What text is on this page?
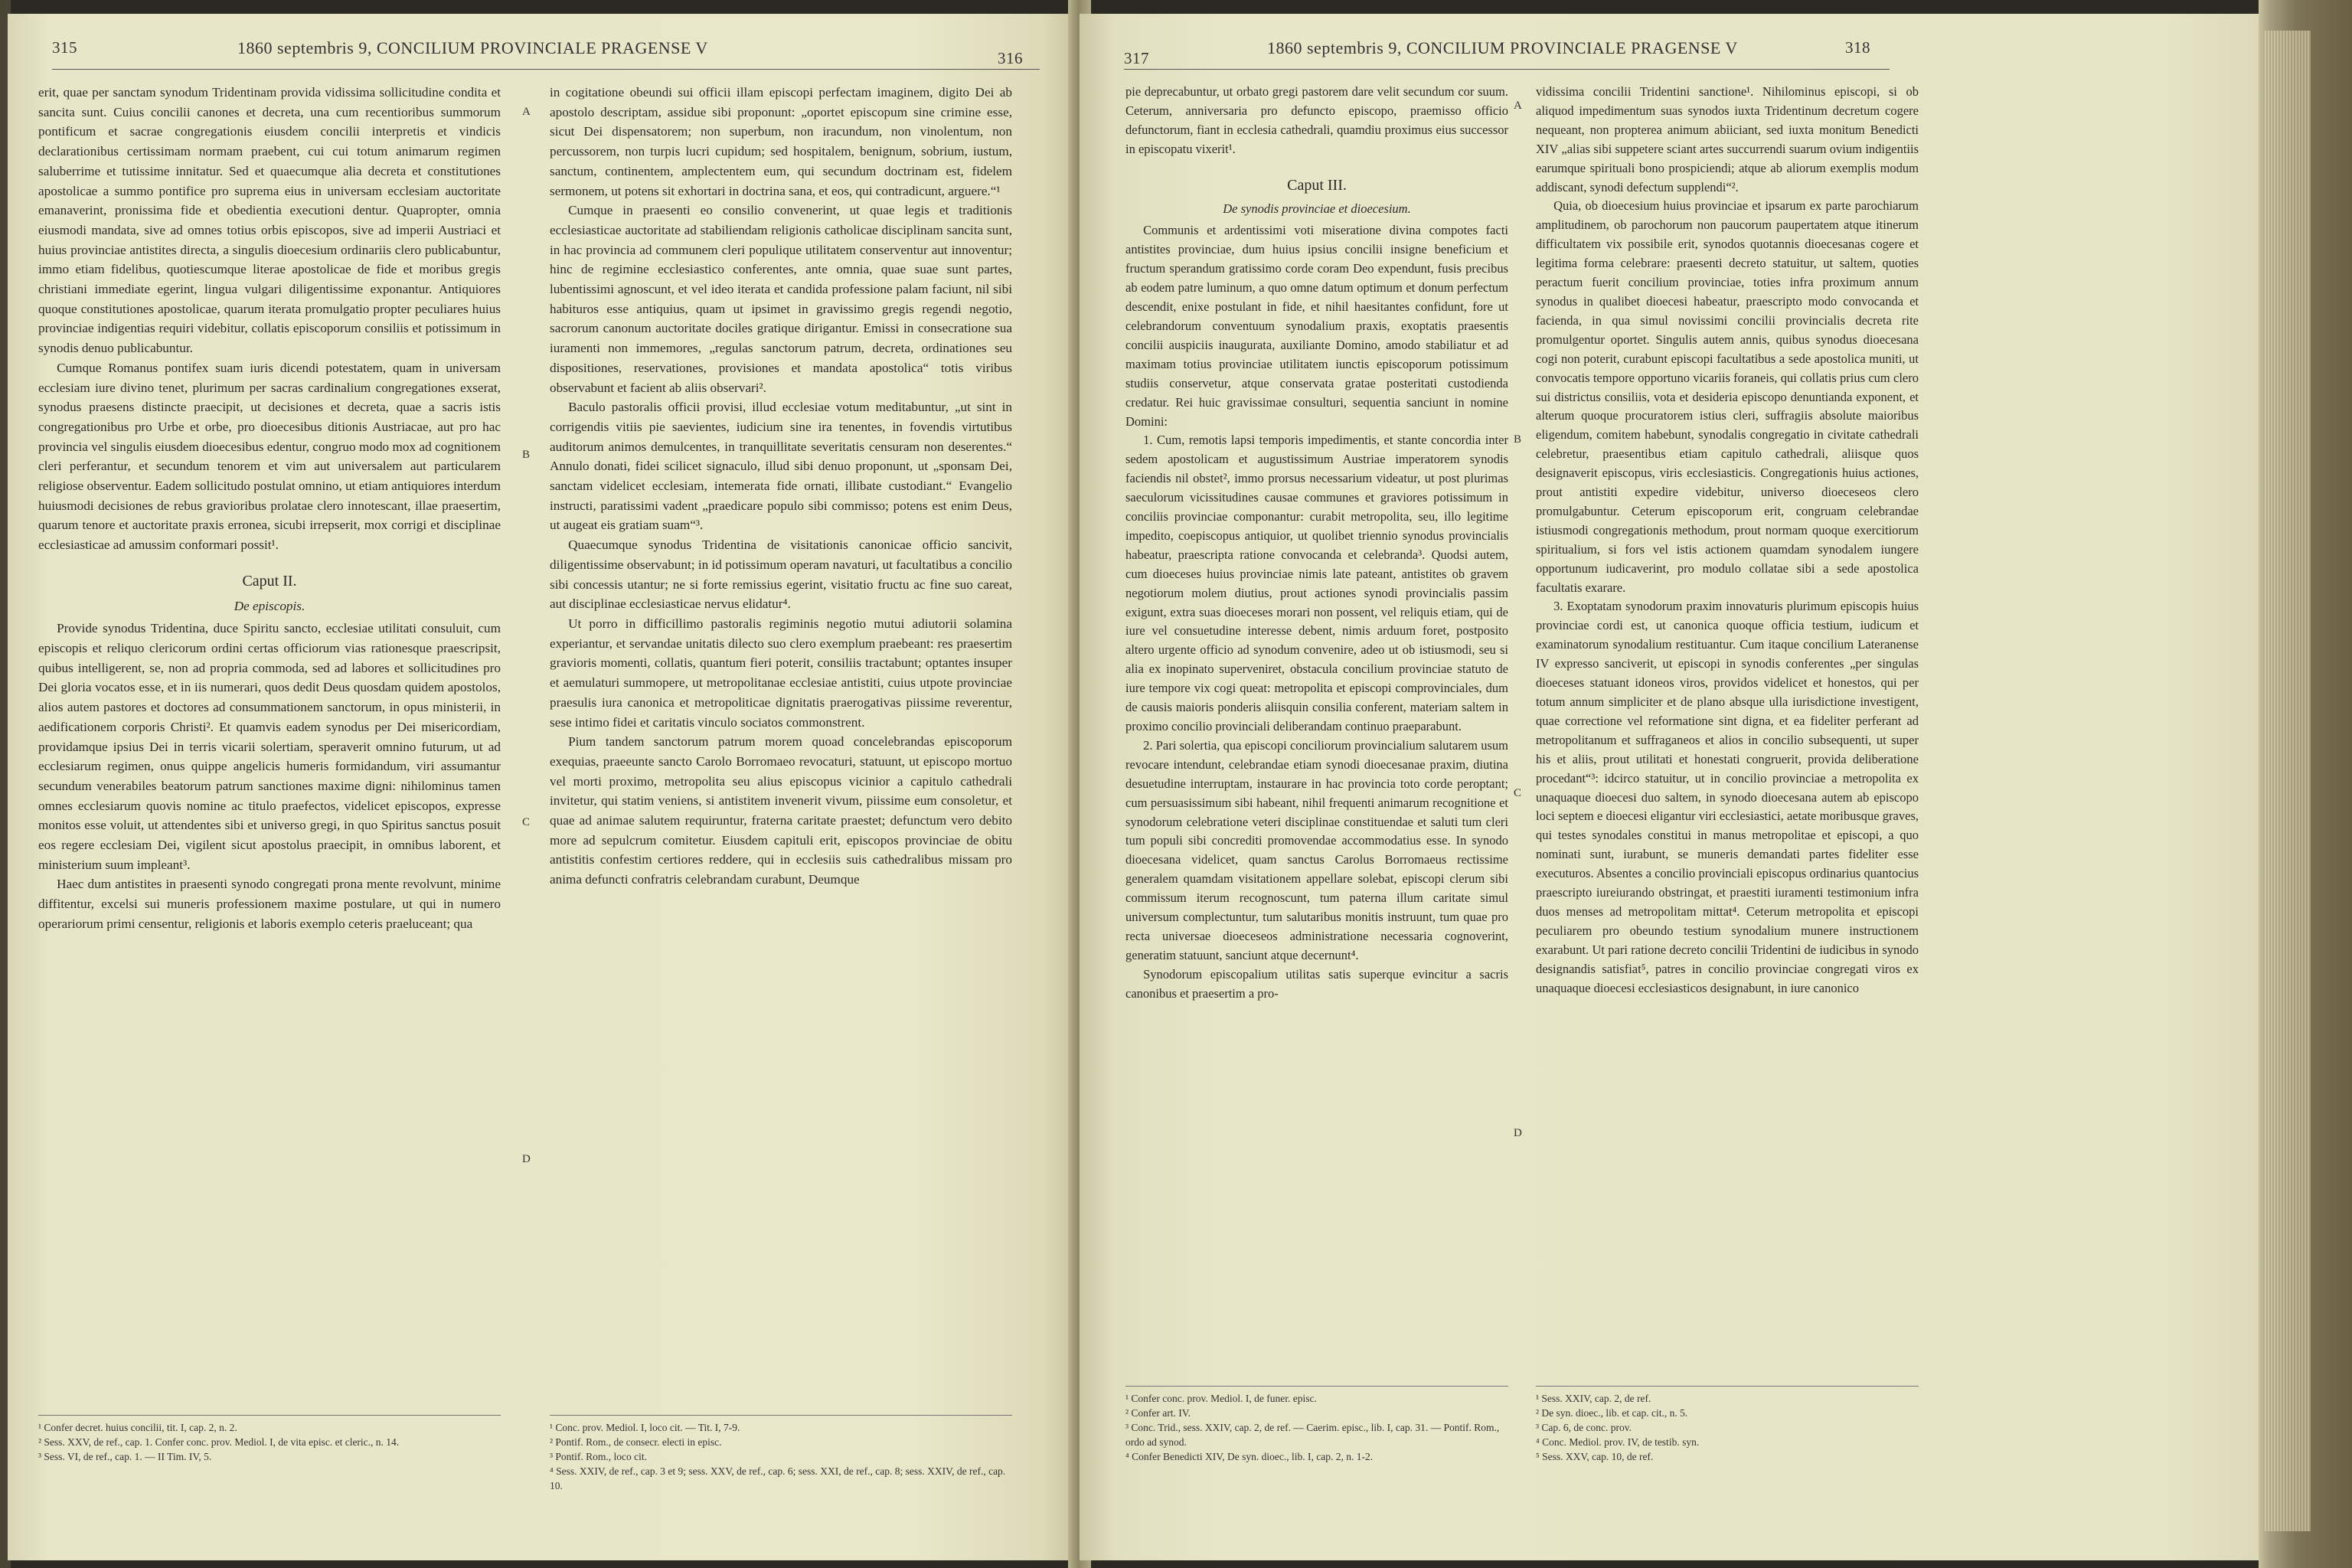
315	1860 septembris 9, CONCILIUM PROVINCIALE PRAGENSE V
316

erit, quae per sanctam synodum Tridentinam provida vidissima sollicitudine condita et sancita sunt. Cuius concilii canones et decreta, una cum recentioribus summorum pontificum et sacrae congregationis eiusdem concilii interpretis et vindicis declarationibus certissimam normam praebent, cui cui totum animarum regimen saluberrime et tutissime innitatur. Sed et quaecumque alia decreta et constitutiones apostolicae a summo pontifice pro suprema eius in universam ecclesiam auctoritate emanaverint, pronissima fide et obedientia executioni dentur. Quapropter, omnia eiusmodi mandata, sive ad omnes totius orbis episcopos, sive ad imperii Austriaci et huius provinciae antistites directa, a singulis dioecesium ordinariis clero publicabuntur, immo etiam fidelibus, quotiescumque literae apostolicae de fide et moribus gregis christiani immediate egerint, lingua vulgari diligentissime exponantur. Antiquiores quoque constitutiones apostolicae, quarum iterata promulgatio propter peculiares huius provinciae indigentias requiri videbitur, collatis episcoporum consiliis et potissimum in synodis denuo publicabuntur.

Cumque Romanus pontifex suam iuris dicendi potestatem, quam in universam ecclesiam iure divino tenet, plurimum per sacras cardinalium congregationes exserat, synodus praesens distincte praecipit, ut decisiones et decreta, quae a sacris istis congregationibus pro Urbe et orbe, pro dioecesibus ditionis Austriacae, aut pro hac provincia vel singulis eiusdem dioecesibus edentur, congruo modo mox ad cognitionem cleri perferantur, et secundum tenorem et vim aut universalem aut particularem religiose observentur. Eadem sollicitudo postulat omnino, ut etiam antiquiores interdum huiusmodi decisiones de rebus gravioribus prolatae clero innotescant, illae praesertim, quarum tenore et auctoritate praxis erronea, sicubi irrepserit, mox corrigi et disciplinae ecclesiasticae ad amussim conformari possit¹.

Caput II.

De episcopis.

Provide synodus Tridentina, duce Spiritu sancto, ecclesiae utilitati consuluit, cum episcopis et reliquo clericorum ordini certas officiorum vias rationesque praescripsit, quibus intelligerent, se, non ad propria commoda, sed ad labores et sollicitudines pro Dei gloria vocatos esse, et in iis numerari, quos dedit Deus quosdam quidem apostolos, alios autem pastores et doctores ad consummationem sanctorum, in opus ministerii, in aedificationem corporis Christi². Et quamvis eadem synodus per Dei misericordiam, providamque ipsius Dei in terris vicarii solertiam, speraverit omnino futurum, ut ad ecclesiarum regimen, onus quippe angelicis humeris formidandum, viri assumantur secundum venerabiles beatorum patrum sanctiones maxime digni: nihilominus tamen omnes ecclesiarum quovis nomine ac titulo praefectos, videlicet episcopos, expresse monitos esse voluit, ut attendentes sibi et universo gregi, in quo Spiritus sanctus posuit eos regere ecclesiam Dei, vigilent sicut apostolus praecipit, in omnibus laborent, et ministerium suum impleant³.

Haec dum antistites in praesenti synodo congregati prona mente revolvunt, minime diffitentur, excelsi sui muneris professionem maxime postulare, ut qui in numero operariorum primi censentur, religionis et laboris exemplo ceteris praeluceant; qua

¹ Confer decret. huius concilii, tit. I, cap. 2, n. 2.
² Sess. XXV, de ref., cap. 1. Confer conc. prov. Mediol. I, de vita episc. et cleric., n. 14.
³ Sess. VI, de ref., cap. 1. — II Tim. IV, 5.

in cogitatione obeundi sui officii illam episcopi perfectam imaginem, digito Dei ab apostolo descriptam, assidue sibi proponunt: „oportet episcopum sine crimine esse, sicut Dei dispensatorem; non superbum, non iracundum, non vinolentum, non percussorem, non turpis lucri cupidum; sed hospitalem, benignum, sobrium, iustum, sanctum, continentem, amplectentem eum, qui secundum doctrinam est, fidelem sermonem, ut potens sit exhortari in doctrina sana, et eos, qui contradicunt, arguere.“¹

Cumque in praesenti eo consilio convenerint, ut quae legis et traditionis ecclesiasticae auctoritate ad stabiliendam religionis catholicae disciplinam sancita sunt, in hac provincia ad communem cleri populique utilitatem conserventur aut innoventur; hinc de regimine ecclesiastico conferentes, ante omnia, quae suae sunt partes, lubentissimi agnoscunt, et vel ideo iterata et candida professione palam faciunt, nil sibi habituros esse antiquius, quam ut ipsimet in gravissimo gregis regendi negotio, sacrorum canonum auctoritate dociles gratique dirigantur. Emissi in consecratione sua iuramenti non immemores, „regulas sanctorum patrum, decreta, ordinationes seu dispositiones, reservationes, provisiones et mandata apostolica“ totis viribus observabunt et facient ab aliis observari².

Baculo pastoralis officii provisi, illud ecclesiae votum meditabuntur, „ut sint in corrigendis vitiis pie saevientes, iudicium sine ira tenentes, in fovendis virtutibus auditorum animos demulcentes, in tranquillitate severitatis censuram non deserentes.“ Annulo donati, fidei scilicet signaculo, illud sibi denuo proponunt, ut „sponsam Dei, sanctam videlicet ecclesiam, intemerata fide ornati, illibate custodiant.“ Evangelio instructi, paratissimi vadent „praedicare populo sibi commisso; potens est enim Deus, ut augeat eis gratiam suam“³.

Quaecumque synodus Tridentina de visitationis canonicae officio sancivit, diligentissime observabunt; in id potissimum operam navaturi, ut facultatibus a concilio sibi concessis utantur; ne si forte remissius egerint, visitatio fructu ac fine suo careat, aut disciplinae ecclesiasticae nervus elidatur⁴.

Ut porro in difficillimo pastoralis regiminis negotio mutui adiutorii solamina experiantur, et servandae unitatis dilecto suo clero exemplum praebeant: res praesertim gravioris momenti, collatis, quantum fieri poterit, consiliis tractabunt; optantes insuper et aemulaturi summopere, ut metropolitanae ecclesiae antistiti, cuius utpote provinciae praesulis iura canonica et metropoliticae dignitatis praerogativas piissime reverentur, sese intimo fidei et caritatis vinculo sociatos commonstrent.

Pium tandem sanctorum patrum morem quoad concelebrandas episcoporum exequias, praeeunte sancto Carolo Borromaeo revocaturi, statuunt, ut episcopo mortuo vel morti proximo, metropolita seu alius episcopus vicinior a capitulo cathedrali invitetur, qui statim veniens, si antistitem invenerit vivum, piissime eum consoletur, et quae ad animae salutem requiruntur, fraterna caritate praestet; defunctum vero debito more ad sepulcrum comitetur. Eiusdem capituli erit, episcopos provinciae de obitu antistitis confestim certiores reddere, qui in ecclesiis suis cathedralibus missam pro anima defuncti confratris celebrandam curabunt, Deumque

¹ Conc. prov. Mediol. I, loco cit. — Tit. I, 7-9.
² Pontif. Rom., de consecr. electi in episc.
³ Pontif. Rom., loco cit.
⁴ Sess. XXIV, de ref., cap. 3 et 9; sess. XXV, de ref., cap. 6; sess. XXI, de ref., cap. 8; sess. XXIV, de ref., cap. 10.
A
B
C
D
317
1860 septembris 9, CONCILIUM PROVINCIALE PRAGENSE V	318

pie deprecabuntur, ut orbato gregi pastorem dare velit secundum cor suum. Ceterum, anniversaria pro defuncto episcopo, praemisso officio defunctorum, fiant in ecclesia cathedrali, quamdiu proximus eius successor in episcopatu vixerit¹.

Caput III.

De synodis provinciae et dioecesium.

Communis et ardentissimi voti miseratione divina compotes facti antistites provinciae, dum huius ipsius concilii insigne beneficium et fructum sperandum gratissimo corde coram Deo expendunt, fusis precibus ab eodem patre luminum, a quo omne datum optimum et donum perfectum descendit, enixe postulant in fide, et nihil haesitantes confidunt, fore ut celebrandorum conventuum synodalium praxis, exoptatis praesentis concilii auspiciis inaugurata, auxiliante Domino, amodo stabiliatur et ad maximam totius provinciae utilitatem iunctis episcoporum potissimum studiis conservetur, atque conservata gratae posteritati custodienda credatur. Rei huic gravissimae consulturi, sequentia sanciunt in nomine Domini:

1. Cum, remotis lapsi temporis impedimentis, et stante concordia inter sedem apostolicam et augustissimum Austriae imperatorem synodis faciendis nil obstet², immo prorsus necessarium videatur, ut post plurimas saeculorum vicissitudines causae communes et graviores potissimum in conciliis provinciae componantur: curabit metropolita, seu, illo legitime impedito, coepiscopus antiquior, ut quolibet triennio synodus provincialis habeatur, praescripta ratione convocanda et celebranda³. Quodsi autem, cum dioeceses huius provinciae nimis late pateant, antistites ob gravem negotiorum molem diutius, prout actiones synodi provincialis passim exigunt, extra suas dioeceses morari non possent, vel reliquis etiam, qui de iure vel consuetudine interesse debent, nimis arduum foret, postposito altero urgente officio ad synodum convenire, adeo ut ob istiusmodi, seu si alia ex inopinato superveniret, obstacula concilium provinciae statuto de iure tempore vix cogi queat: metropolita et episcopi comprovinciales, dum de causis maioris ponderis aliisquin consilia conferent, materiam saltem in proximo concilio provinciali deliberandam continuo praeparabunt.

2. Pari solertia, qua episcopi conciliorum provincialium salutarem usum revocare intendunt, celebrandae etiam synodi dioecesanae praxim, diutina desuetudine interruptam, instaurare in hac provincia toto corde peroptant; cum persuasissimum sibi habeant, nihil frequenti animarum recognitione et synodorum celebratione veteri disciplinae constituendae et saluti tum cleri tum populi sibi concrediti promovendae accommodatius esse. In synodo dioecesana videlicet, quam sanctus Carolus Borromaeus rectissime generalem quamdam visitationem appellare solebat, episcopi clerum sibi commissum iterum recognoscunt, tum paterna illum caritate simul universum complectuntur, tum salutaribus monitis instruunt, tum quae pro recta universae dioeceseos administratione necessaria cognoverint, generatim statuunt, sanciunt atque decernunt⁴.

Synodorum episcopalium utilitas satis superque evincitur a sacris canonibus et praesertim a pro-

¹ Confer conc. prov. Mediol. I, de funer. episc.
² Confer art. IV.
³ Conc. Trid., sess. XXIV, cap. 2, de ref. — Caerim. episc., lib. I, cap. 31. — Pontif. Rom., ordo ad synod.
⁴ Confer Benedicti XIV, De syn. dioec., lib. I, cap. 2, n. 1-2.

vidissima concilii Tridentini sanctione¹. Nihilominus episcopi, si ob aliquod impedimentum suas synodos iuxta Tridentinum decretum cogere nequeant, non propterea animum abiiciant, sed iuxta monitum Benedicti XIV „alias sibi suppetere sciant artes succurrendi suarum ovium indigentiis earumque spirituali bono prospiciendi; atque ab aliorum exemplis modum addiscant, synodi defectum supplendi“².

Quia, ob dioecesium huius provinciae et ipsarum ex parte parochiarum amplitudinem, ob parochorum non paucorum paupertatem atque itinerum difficultatem vix possibile erit, synodos quotannis dioecesanas cogere et legitima forma celebrare: praesenti decreto statuitur, ut saltem, quoties peractum fuerit concilium provinciae, toties infra proximum annum synodus in qualibet dioecesi habeatur, praescripto modo convocanda et facienda, in qua simul novissimi concilii provincialis decreta rite promulgentur oportet. Singulis autem annis, quibus synodus dioecesana cogi non poterit, curabunt episcopi facultatibus a sede apostolica muniti, ut convocatis tempore opportuno vicariis foraneis, qui collatis prius cum clero sui districtus consiliis, vota et desideria episcopo denuntianda exponent, et alterum quoque procuratorem istius cleri, suffragiis absolute maioribus eligendum, comitem habebunt, synodalis congregatio in civitate cathedrali celebretur, praesentibus etiam capitulo cathedrali, aliisque quos designaverit episcopus, viris ecclesiasticis. Congregationis huius actiones, prout antistiti expedire videbitur, universo dioeceseos clero promulgabuntur. Ceterum episcoporum erit, congruam celebrandae istiusmodi congregationis methodum, prout normam quoque exercitiorum spiritualium, si fors vel istis actionem quamdam synodalem iungere opportunum iudicaverint, pro modulo collatae sibi a sede apostolica facultatis exarare.

3. Exoptatam synodorum praxim innovaturis plurimum episcopis huius provinciae cordi est, ut canonica quoque officia testium, iudicum et examinatorum synodalium restituantur. Cum itaque concilium Lateranense IV expresso sanciverit, ut episcopi in synodis conferentes „per singulas dioeceses statuant idoneos viros, providos videlicet et honestos, qui per totum annum simpliciter et de plano absque ulla iurisdictione investigent, quae correctione vel reformatione sint digna, et ea fideliter perferant ad metropolitanum et suffraganeos et alios in concilio subsequenti, ut super his et aliis, prout utilitati et honestati congruerit, provida deliberatione procedant“³: idcirco statuitur, ut in concilio provinciae a metropolita ex unaquaque dioecesi duo saltem, in synodo dioecesana autem ab episcopo loci septem e dioecesi eligantur viri ecclesiastici, aetate moribusque graves, qui testes synodales constitui in manus metropolitae et episcopi, a quo nominati sunt, iurabunt, se muneris demandati partes fideliter esse executuros. Absentes a concilio provinciali episcopus ordinarius quantocius praescripto iureiurando obstringat, et praestiti iuramenti testimonium infra duos menses ad metropolitam mittat⁴. Ceterum metropolita et episcopi peculiarem pro obeundo testium synodalium munere instructionem exarabunt. Ut pari ratione decreto concilii Tridentini de iudicibus in synodo designandis satisfiat⁵, patres in concilio provinciae congregati viros ex unaquaque dioecesi ecclesiasticos designabunt, in iure canonico

¹ Sess. XXIV, cap. 2, de ref.
² De syn. dioec., lib. et cap. cit., n. 5.
³ Cap. 6, de conc. prov.
⁴ Conc. Mediol. prov. IV, de testib. syn.
⁵ Sess. XXV, cap. 10, de ref.
A
B
C
D
